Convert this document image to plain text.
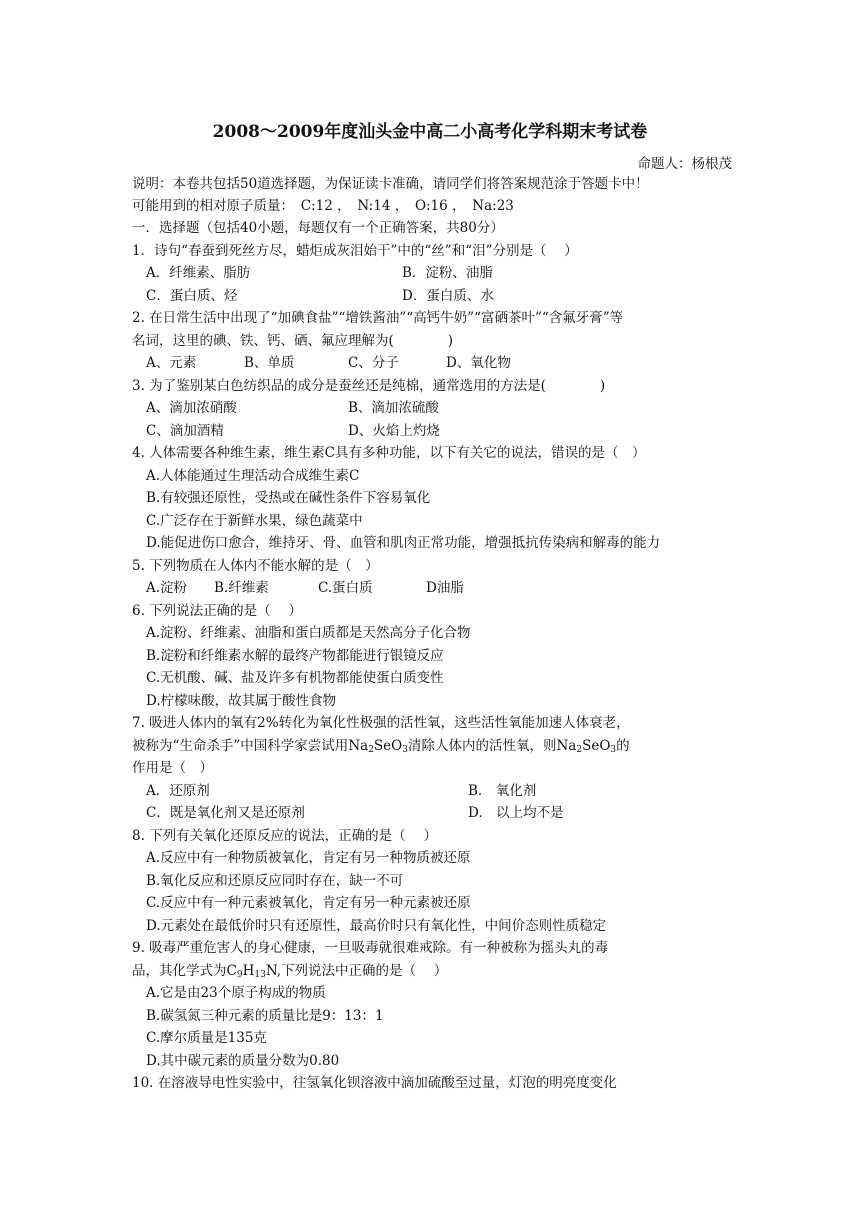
2008～2009年度汕头金中高二小高考化学科期末考试卷
命题人：杨根茂
说明：本卷共包括50道选择题，为保证读卡准确，请同学们将答案规范涂于答题卡中！
可能用到的相对原子质量：　C:12 ，　N:14 ，　O:16 ，　Na:23
一．选择题（包括40小题，每题仅有一个正确答案，共80分）
1．诗句“春蚕到死丝方尽，蜡炬成灰泪始干”中的“丝”和“泪”分别是（　 ）
A．纤维素、脂肪	B．淀粉、油脂
C．蛋白质、烃	D．蛋白质、水
2. 在日常生活中出现了“加碘食盐”“增铁酱油”“高钙牛奶”“富硒茶叶”“含氟牙膏”等
名词，这里的碘、铁、钙、硒、氟应理解为(　　　　)
A、元素	B、单质	C、分子	D、氧化物
3. 为了鉴别某白色纺织品的成分是蚕丝还是纯棉，通常选用的方法是(　　　　)
A、滴加浓硝酸	B、滴加浓硫酸
C、滴加酒精	D、火焰上灼烧
4. 人体需要各种维生素，维生素C具有多种功能，以下有关它的说法，错误的是（　）
A.人体能通过生理活动合成维生素C
B.有较强还原性，受热或在碱性条件下容易氧化
C.广泛存在于新鲜水果，绿色蔬菜中
D.能促进伤口愈合，维持牙、骨、血管和肌肉正常功能，增强抵抗传染病和解毒的能力
5. 下列物质在人体内不能水解的是（　）
A.淀粉 B.纤维素	C.蛋白质	D油脂
6. 下列说法正确的是（　 ）
A.淀粉、纤维素、油脂和蛋白质都是天然高分子化合物
B.淀粉和纤维素水解的最终产物都能进行银镜反应
C.无机酸、碱、盐及许多有机物都能使蛋白质变性
D.柠檬味酸，故其属于酸性食物
7. 吸进人体内的氧有2%转化为氧化性极强的活性氧，这些活性氧能加速人体衰老，
被称为“生命杀手”中国科学家尝试用$Na_2SeO_3$清除人体内的活性氧，则$Na_2SeO_3$的
作用是（　）
A．还原剂	B.　氧化剂
C．既是氧化剂又是还原剂	D.　以上均不是
8. 下列有关氧化还原反应的说法，正确的是（　 ）
A.反应中有一种物质被氧化，肯定有另一种物质被还原
B.氧化反应和还原反应同时存在，缺一不可
C.反应中有一种元素被氧化，肯定有另一种元素被还原
D.元素处在最低价时只有还原性，最高价时只有氧化性，中间价态则性质稳定
9. 吸毒严重危害人的身心健康，一旦吸毒就很难戒除。有一种被称为摇头丸的毒
品，其化学式为$C_9H_{13}N$,下列说法中正确的是（　 ）
A.它是由23个原子构成的物质
B.碳氢氮三种元素的质量比是9：13：1
C.摩尔质量是135克
D.其中碳元素的质量分数为0.80
10. 在溶液导电性实验中，往氢氧化钡溶液中滴加硫酸至过量，灯泡的明亮度变化
